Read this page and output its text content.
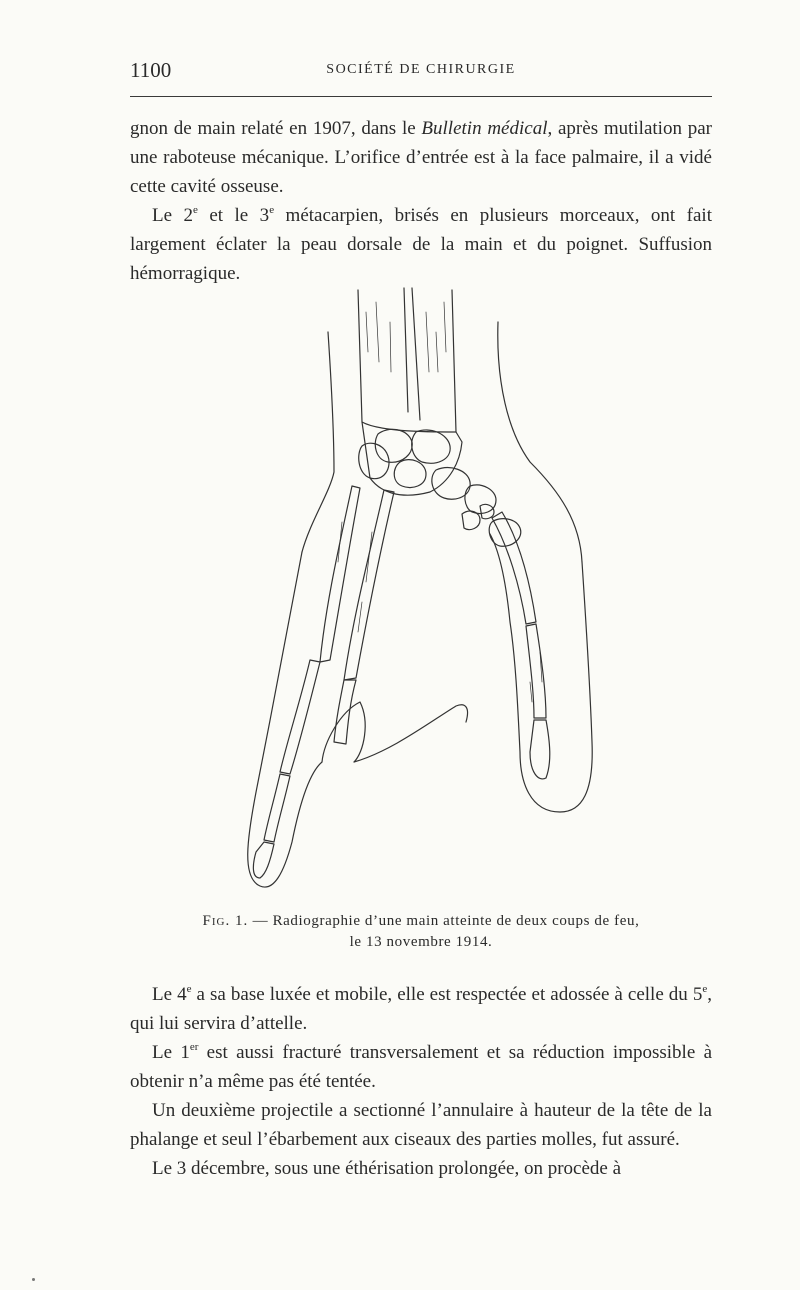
1100	SOCIÉTÉ DE CHIRURGIE

gnon de main relaté en 1907, dans le Bulletin médical, après mutilation par une raboteuse mécanique. L’orifice d’entrée est à la face palmaire, il a vidé cette cavité osseuse.

Le 2e et le 3e métacarpien, brisés en plusieurs morceaux, ont fait largement éclater la peau dorsale de la main et du poignet. Suffusion hémorragique.

Fig. 1. — Radiographie d’une main atteinte de deux coups de feu,
le 13 novembre 1914.

Le 4e a sa base luxée et mobile, elle est respectée et adossée à celle du 5e, qui lui servira d’attelle.

Le 1er est aussi fracturé transversalement et sa réduction impossible à obtenir n’a même pas été tentée.

Un deuxième projectile a sectionné l’annulaire à hauteur de la tête de la phalange et seul l’ébarbement aux ciseaux des parties molles, fut assuré.

Le 3 décembre, sous une éthérisation prolongée, on procède à
